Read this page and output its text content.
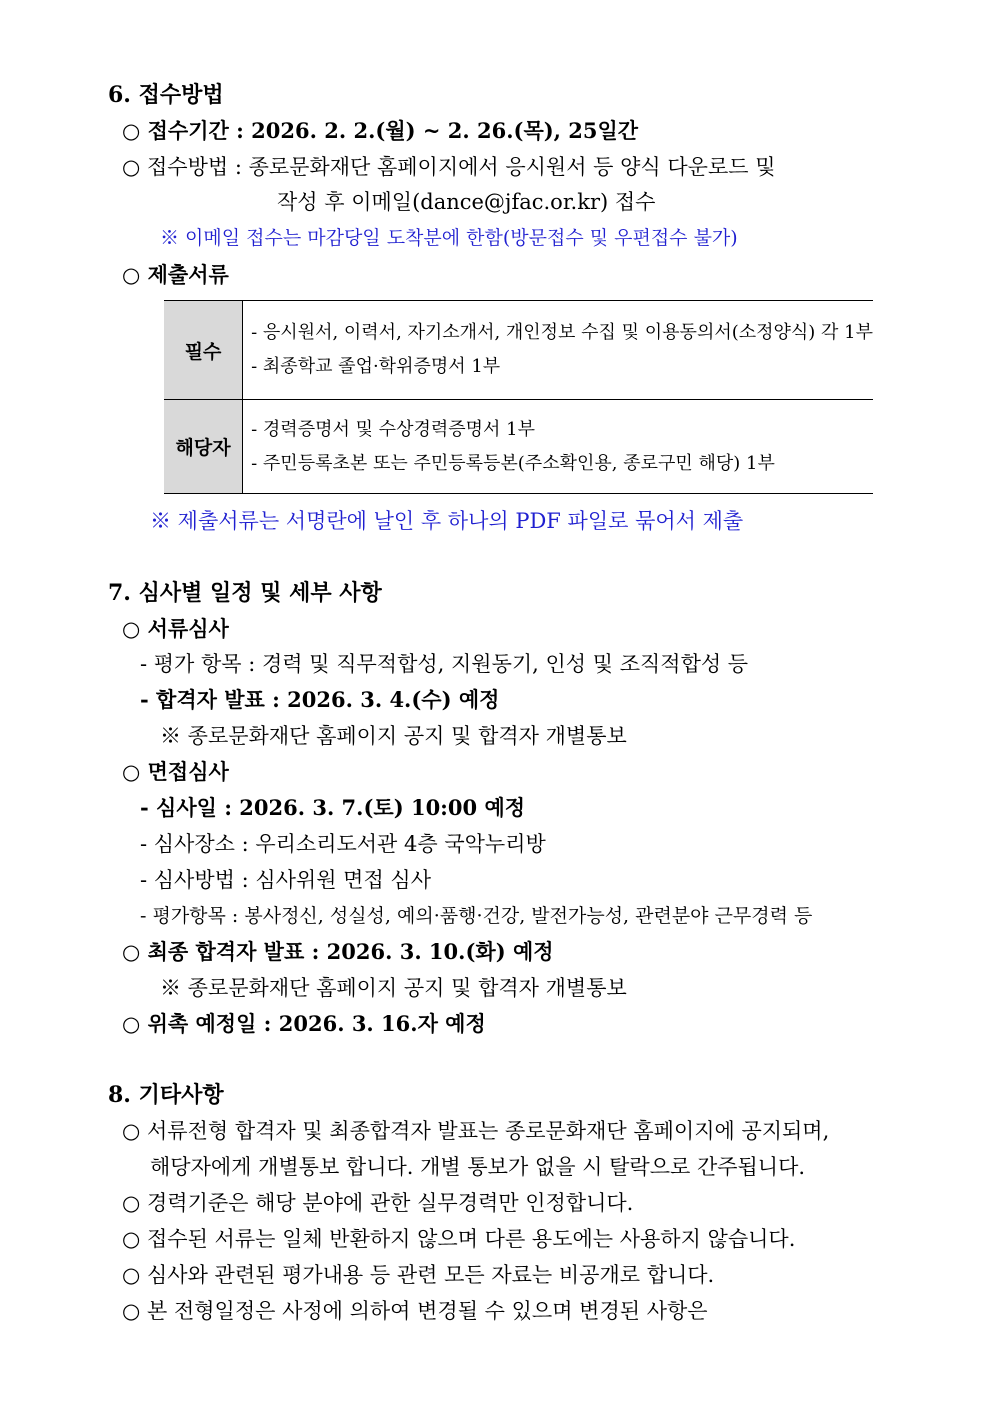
6. 접수방법
○ 접수기간 : 2026. 2. 2.(월) ~ 2. 26.(목), 25일간
○ 접수방법 : 종로문화재단 홈페이지에서 응시원서 등 양식 다운로드 및
작성 후 이메일(dance@jfac.or.kr) 접수
※ 이메일 접수는 마감당일 도착분에 한함(방문접수 및 우편접수 불가)
○ 제출서류
필수	- 응시원서, 이력서, 자기소개서, 개인정보 수집 및 이용동의서(소정양식) 각 1부
- 최종학교 졸업·학위증명서 1부

해당자	- 경력증명서 및 수상경력증명서 1부
- 주민등록초본 또는 주민등록등본(주소확인용, 종로구민 해당) 1부
※ 제출서류는 서명란에 날인 후 하나의 PDF 파일로 묶어서 제출
7. 심사별 일정 및 세부 사항
○ 서류심사
- 평가 항목 : 경력 및 직무적합성, 지원동기, 인성 및 조직적합성 등
- 합격자 발표 : 2026. 3. 4.(수) 예정
※ 종로문화재단 홈페이지 공지 및 합격자 개별통보
○ 면접심사
- 심사일 : 2026. 3. 7.(토) 10:00 예정
- 심사장소 : 우리소리도서관 4층 국악누리방
- 심사방법 : 심사위원 면접 심사
- 평가항목 : 봉사정신, 성실성, 예의·품행·건강, 발전가능성, 관련분야 근무경력 등
○ 최종 합격자 발표 : 2026. 3. 10.(화) 예정
※ 종로문화재단 홈페이지 공지 및 합격자 개별통보
○ 위촉 예정일 : 2026. 3. 16.자 예정
8. 기타사항
○ 서류전형 합격자 및 최종합격자 발표는 종로문화재단 홈페이지에 공지되며,
해당자에게 개별통보 합니다. 개별 통보가 없을 시 탈락으로 간주됩니다.
○ 경력기준은 해당 분야에 관한 실무경력만 인정합니다.
○ 접수된 서류는 일체 반환하지 않으며 다른 용도에는 사용하지 않습니다.
○ 심사와 관련된 평가내용 등 관련 모든 자료는 비공개로 합니다.
○ 본 전형일정은 사정에 의하여 변경될 수 있으며 변경된 사항은
